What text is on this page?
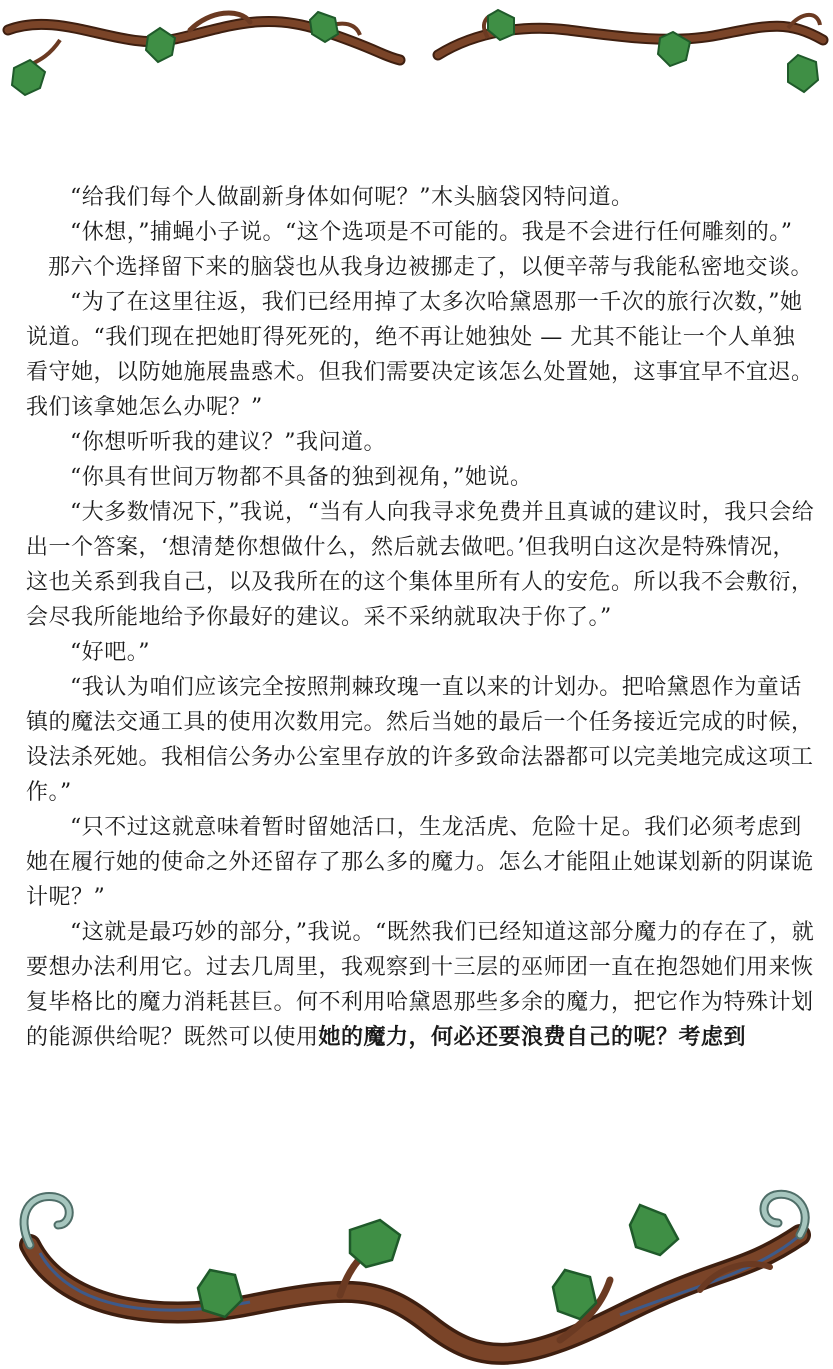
“给我们每个人做副新身体如何呢？”木头脑袋冈特问道。

“休想，”捕蝇小子说。“这个选项是不可能的。我是不会进行任何雕刻的。”

那六个选择留下来的脑袋也从我身边被挪走了，以便辛蒂与我能私密地交谈。

“为了在这里往返，我们已经用掉了太多次哈黛恩那一千次的旅行次数，”她说道。“我们现在把她盯得死死的，绝不再让她独处 — 尤其不能让一个人单独看守她，以防她施展蛊惑术。但我们需要决定该怎么处置她，这事宜早不宜迟。我们该拿她怎么办呢？”

“你想听听我的建议？”我问道。

“你具有世间万物都不具备的独到视角，”她说。

“大多数情况下，”我说，“当有人向我寻求免费并且真诚的建议时，我只会给出一个答案，‘想清楚你想做什么，然后就去做吧。’但我明白这次是特殊情况，这也关系到我自己，以及我所在的这个集体里所有人的安危。所以我不会敷衍，会尽我所能地给予你最好的建议。采不采纳就取决于你了。”

“好吧。”

“我认为咱们应该完全按照荆棘玫瑰一直以来的计划办。把哈黛恩作为童话镇的魔法交通工具的使用次数用完。然后当她的最后一个任务接近完成的时候，设法杀死她。我相信公务办公室里存放的许多致命法器都可以完美地完成这项工作。”

“只不过这就意味着暂时留她活口，生龙活虎、危险十足。我们必须考虑到她在履行她的使命之外还留存了那么多的魔力。怎么才能阻止她谋划新的阴谋诡计呢？”

“这就是最巧妙的部分，”我说。“既然我们已经知道这部分魔力的存在了，就要想办法利用它。过去几周里，我观察到十三层的巫师团一直在抱怨她们用来恢复毕格比的魔力消耗甚巨。何不利用哈黛恩那些多余的魔力，把它作为特殊计划的能源供给呢？既然可以使用她的魔力，何必还要浪费自己的呢？考虑到
